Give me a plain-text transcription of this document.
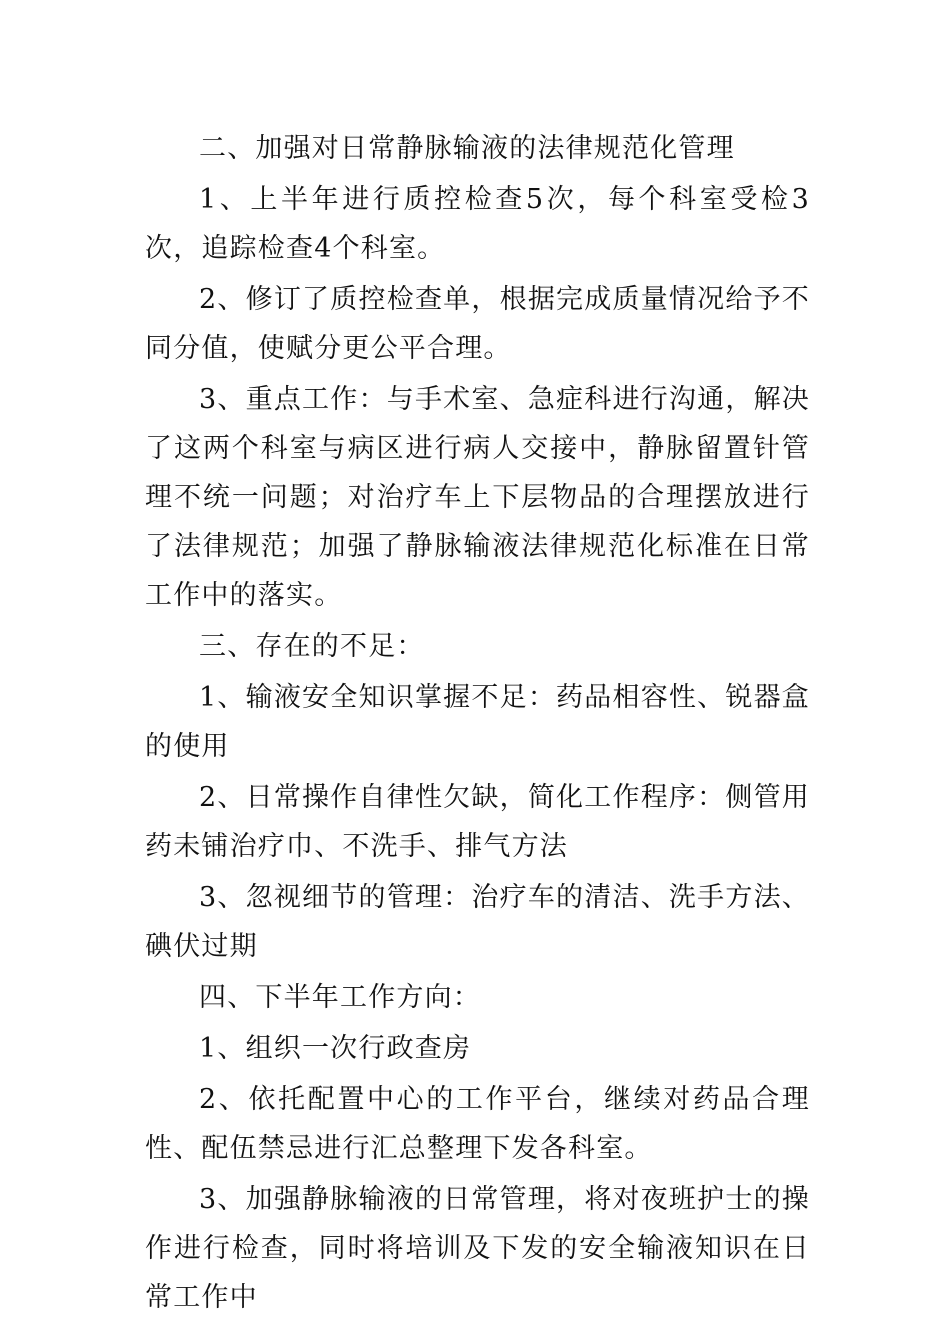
二、加强对日常静脉输液的法律规范化管理

1、上半年进行质控检查5次，每个科室受检3次，追踪检查4个科室。

2、修订了质控检查单，根据完成质量情况给予不同分值，使赋分更公平合理。

3、重点工作：与手术室、急症科进行沟通，解决了这两个科室与病区进行病人交接中，静脉留置针管理不统一问题；对治疗车上下层物品的合理摆放进行了法律规范；加强了静脉输液法律规范化标准在日常工作中的落实。

三、存在的不足：

1、输液安全知识掌握不足：药品相容性、锐器盒的使用

2、日常操作自律性欠缺，简化工作程序：侧管用药未铺治疗巾、不洗手、排气方法

3、忽视细节的管理：治疗车的清洁、洗手方法、碘伏过期

四、下半年工作方向：

1、组织一次行政查房

2、依托配置中心的工作平台，继续对药品合理性、配伍禁忌进行汇总整理下发各科室。

3、加强静脉输液的日常管理，将对夜班护士的操作进行检查，同时将培训及下发的安全输液知识在日常工作中
